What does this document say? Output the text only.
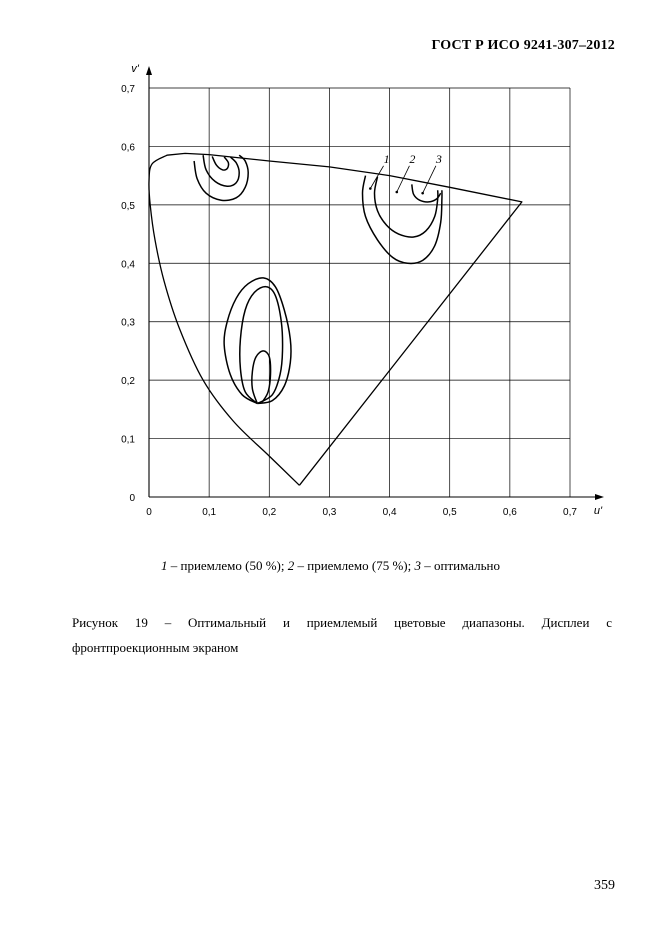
ГОСТ Р ИСО 9241-307–2012
u'
v'
0	0,1	0,2	0,3	0,4	0,5	0,6	0,7
0
0,1
0,2
0,3
0,4
0,5
0,6
0,7
1 2 3
1 – приемлемо (50 %); 2 – приемлемо (75 %); 3 – оптимально
Рисунок 19 – Оптимальный и приемлемый цветовые диапазоны. Дисплеи с
фронтпроекционным экраном
359
